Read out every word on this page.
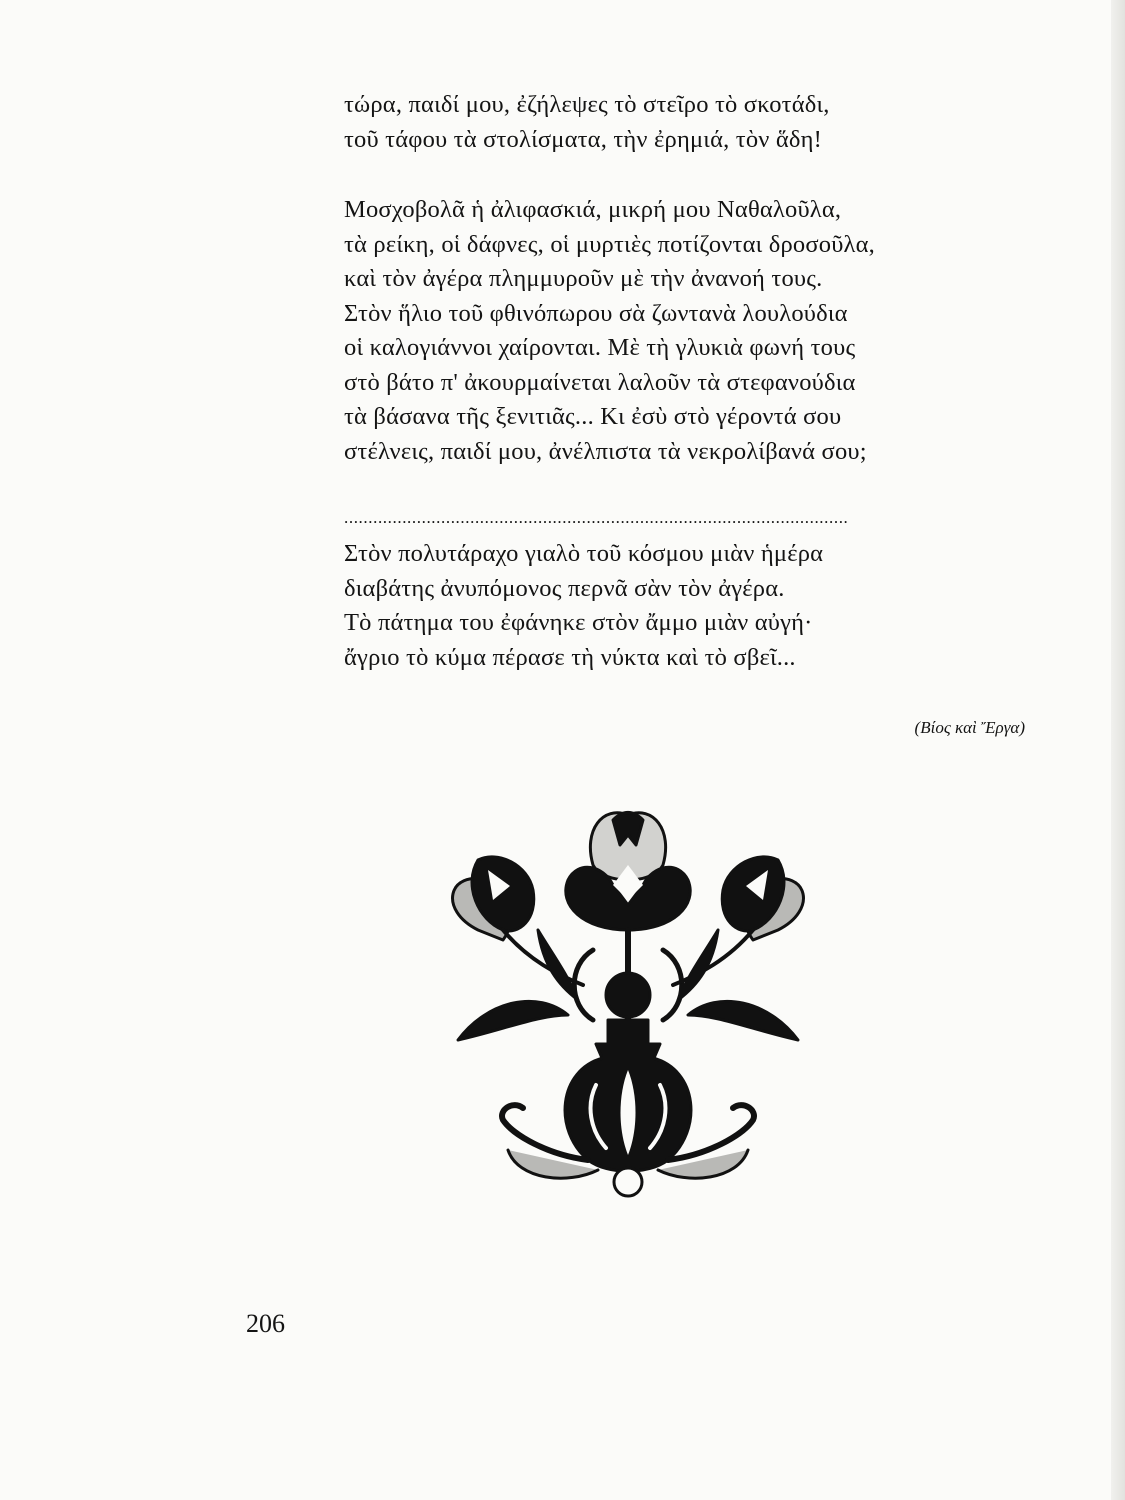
τώρα, παιδί μου, ἐζήλεψες τὸ στεῖρο τὸ σκοτάδι,
τοῦ τάφου τὰ στολίσματα, τὴν ἐρημιά, τὸν ἅδη!
Μοσχοβολᾶ ἡ ἀλιφασκιά, μικρή μου Ναθαλοῦλα,
τὰ ρείκη, οἱ δάφνες, οἱ μυρτιὲς ποτίζονται δροσοῦλα,
καὶ τὸν ἀγέρα πλημμυροῦν μὲ τὴν ἀνανοή τους.
Στὸν ἥλιο τοῦ φθινόπωρου σὰ ζωντανὰ λουλούδια
οἱ καλογιάννοι χαίρονται. Μὲ τὴ γλυκιὰ φωνή τους
στὸ βάτο π' ἀκουρμαίνεται λαλοῦν τὰ στεφανούδια
τὰ βάσανα τῆς ξενιτιᾶς... Κι ἐσὺ στὸ γέροντά σου
στέλνεις, παιδί μου, ἀνέλπιστα τὰ νεκρολίβανά σου;
........................................................................................................
Στὸν πολυτάραχο γιαλὸ τοῦ κόσμου μιὰν ἡμέρα
διαβάτης ἀνυπόμονος περνᾶ σὰν τὸν ἀγέρα.
Τὸ πάτημα του ἐφάνηκε στὸν ἄμμο μιὰν αὐγή·
ἄγριο τὸ κύμα πέρασε τὴ νύκτα καὶ τὸ σβεῖ...
(Βίος καὶ Ἔργα)
206
